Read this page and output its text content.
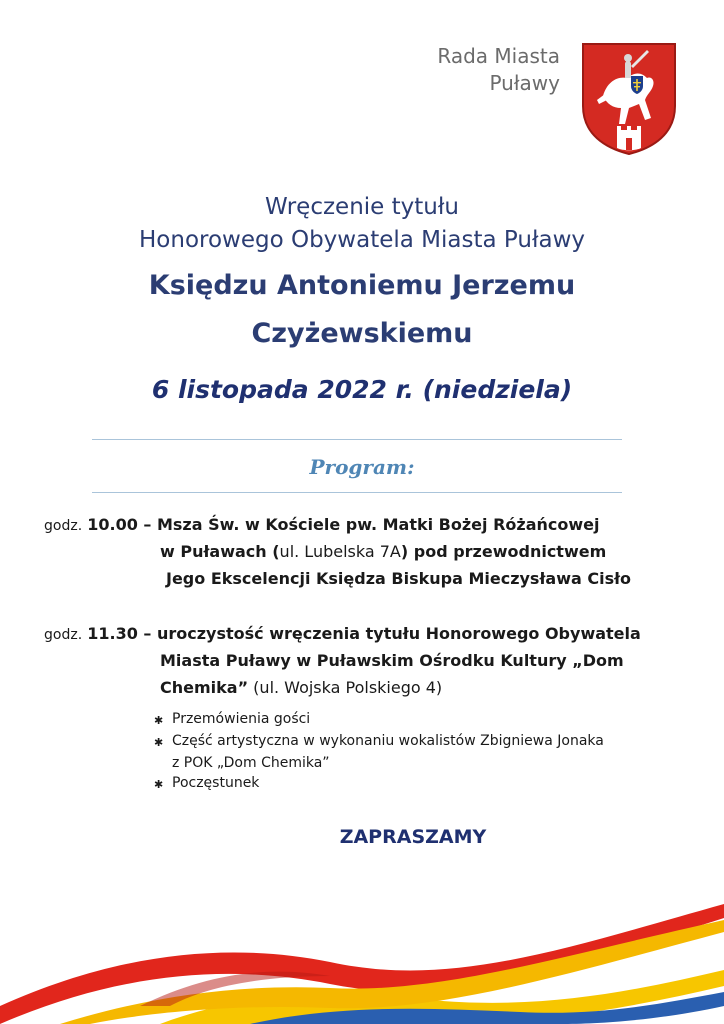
Rada Miasta
Puławy
Wręczenie tytułu
Honorowego Obywatela Miasta Puławy
Księdzu Antoniemu Jerzemu
Czyżewskiemu
6 listopada 2022 r. (niedziela)
Program:
godz. 10.00 – Msza Św. w Kościele pw. Matki Bożej Różańcowej
w Puławach (ul. Lubelska 7A) pod przewodnictwem
Jego Ekscelencji Księdza Biskupa Mieczysława Cisło
godz. 11.30 – uroczystość wręczenia tytułu Honorowego Obywatela
Miasta Puławy w Puławskim Ośrodku Kultury „Dom
Chemika” (ul. Wojska Polskiego 4)
✱ Przemówienia gości
✱ Część artystyczna w wykonaniu wokalistów Zbigniewa Jonaka
z POK „Dom Chemika”
✱ Poczęstunek
ZAPRASZAMY
